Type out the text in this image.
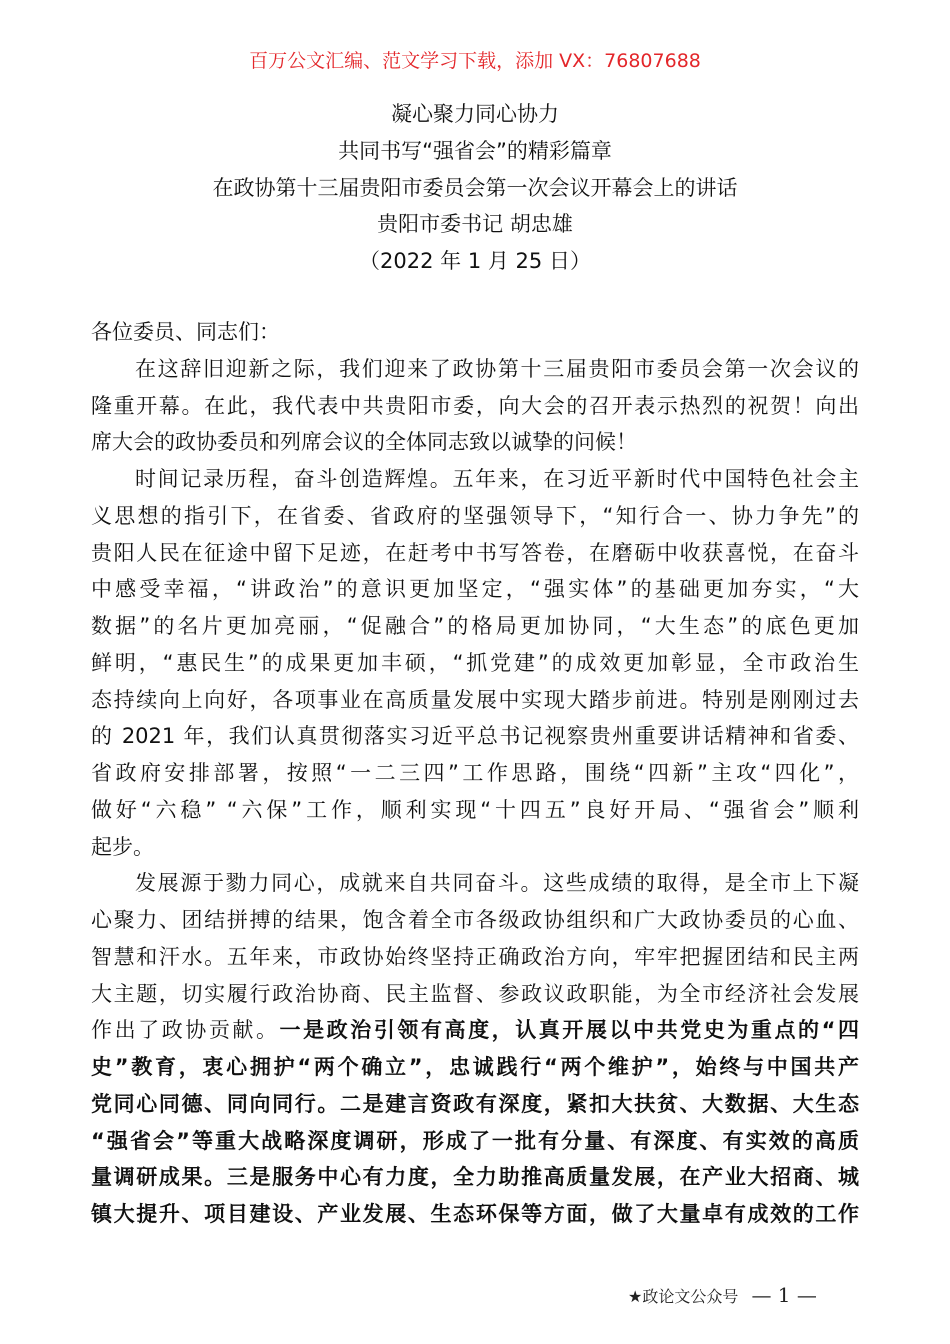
百万公文汇编、范文学习下载，添加 VX：76807688
凝心聚力同心协力
共同书写“强省会”的精彩篇章
在政协第十三届贵阳市委员会第一次会议开幕会上的讲话
贵阳市委书记 胡忠雄
（2022 年 1 月 25 日）
各位委员、同志们：
在这辞旧迎新之际，我们迎来了政协第十三届贵阳市委员会第一次会议的
隆重开幕。在此，我代表中共贵阳市委，向大会的召开表示热烈的祝贺！向出
席大会的政协委员和列席会议的全体同志致以诚挚的问候！
时间记录历程，奋斗创造辉煌。五年来，在习近平新时代中国特色社会主
义思想的指引下，在省委、省政府的坚强领导下，“知行合一、协力争先”的
贵阳人民在征途中留下足迹，在赶考中书写答卷，在磨砺中收获喜悦，在奋斗
中感受幸福，“讲政治”的意识更加坚定，“强实体”的基础更加夯实，“大
数据”的名片更加亮丽，“促融合”的格局更加协同，“大生态”的底色更加
鲜明，“惠民生”的成果更加丰硕，“抓党建”的成效更加彰显，全市政治生
态持续向上向好，各项事业在高质量发展中实现大踏步前进。特别是刚刚过去
的 2021 年，我们认真贯彻落实习近平总书记视察贵州重要讲话精神和省委、
省政府安排部署，按照“一二三四”工作思路，围绕“四新”主攻“四化”，
做好“六稳” “六保”工作，顺利实现“十四五”良好开局、“强省会”顺利
起步。
发展源于勠力同心，成就来自共同奋斗。这些成绩的取得，是全市上下凝
心聚力、团结拼搏的结果，饱含着全市各级政协组织和广大政协委员的心血、
智慧和汗水。五年来，市政协始终坚持正确政治方向，牢牢把握团结和民主两
大主题，切实履行政治协商、民主监督、参政议政职能，为全市经济社会发展
作出了政协贡献。一是政治引领有高度，认真开展以中共党史为重点的“四
史”教育，衷心拥护“两个确立”，忠诚践行“两个维护”，始终与中国共产
党同心同德、同向同行。二是建言资政有深度，紧扣大扶贫、大数据、大生态
“强省会”等重大战略深度调研，形成了一批有分量、有深度、有实效的高质
量调研成果。三是服务中心有力度，全力助推高质量发展，在产业大招商、城
镇大提升、项目建设、产业发展、生态环保等方面，做了大量卓有成效的工作
★政论文公众号 — 1 —
